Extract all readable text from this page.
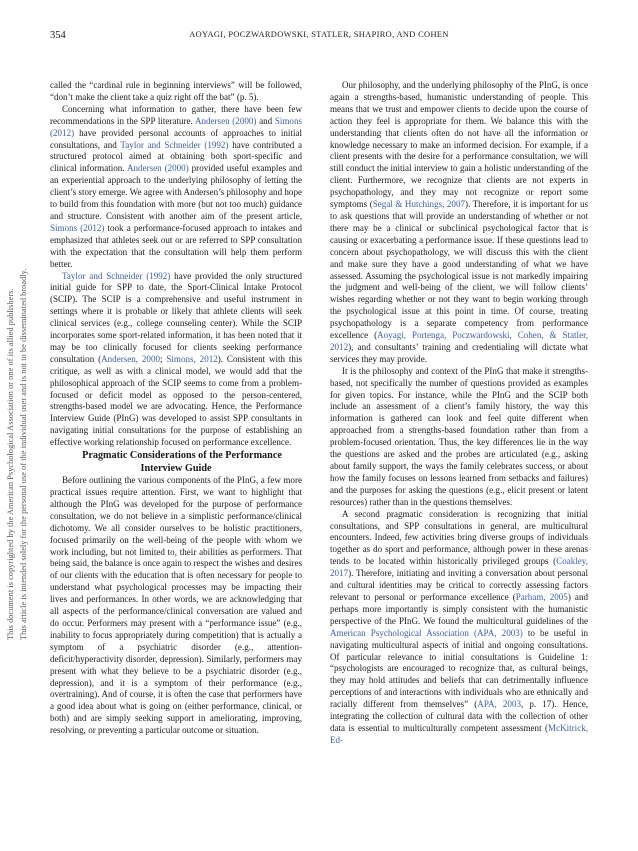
354	AOYAGI, POCZWARDOWSKI, STATLER, SHAPIRO, AND COHEN
This document is copyrighted by the American Psychological Association or one of its allied publishers. This article is intended solely for the personal use of the individual user and is not to be disseminated broadly.

called the “cardinal rule in beginning interviews” will be followed, “don’t make the client take a quiz right off the bat” (p. 5).

Concerning what information to gather, there have been few recommendations in the SPP literature. Andersen (2000) and Simons (2012) have provided personal accounts of approaches to initial consultations, and Taylor and Schneider (1992) have contributed a structured protocol aimed at obtaining both sport-specific and clinical information. Andersen (2000) provided useful examples and an experiential approach to the underlying philosophy of letting the client’s story emerge. We agree with Andersen’s philosophy and hope to build from this foundation with more (but not too much) guidance and structure. Consistent with another aim of the present article, Simons (2012) took a performance-focused approach to intakes and emphasized that athletes seek out or are referred to SPP consultation with the expectation that the consultation will help them perform better.

Taylor and Schneider (1992) have provided the only structured initial guide for SPP to date, the Sport-Clinical Intake Protocol (SCIP). The SCIP is a comprehensive and useful instrument in settings where it is probable or likely that athlete clients will seek clinical services (e.g., college counseling center). While the SCIP incorporates some sport-related information, it has been noted that it may be too clinically focused for clients seeking performance consultation (Andersen, 2000; Simons, 2012). Consistent with this critique, as well as with a clinical model, we would add that the philosophical approach of the SCIP seems to come from a problem-focused or deficit model as opposed to the person-centered, strengths-based model we are advocating. Hence, the Performance Interview Guide (PInG) was developed to assist SPP consultants in navigating initial consultations for the purpose of establishing an effective working relationship focused on performance excellence.

Pragmatic Considerations of the Performance Interview Guide

Before outlining the various components of the PInG, a few more practical issues require attention. First, we want to highlight that although the PInG was developed for the purpose of performance consultation, we do not believe in a simplistic performance/clinical dichotomy. We all consider ourselves to be holistic practitioners, focused primarily on the well-being of the people with whom we work including, but not limited to, their abilities as performers. That being said, the balance is once again to respect the wishes and desires of our clients with the education that is often necessary for people to understand what psychological processes may be impacting their lives and performances. In other words, we are acknowledging that all aspects of the performance/clinical conversation are valued and do occur. Performers may present with a “performance issue” (e.g., inability to focus appropriately during competition) that is actually a symptom of a psychiatric disorder (e.g., attention-deficit/hyperactivity disorder, depression). Similarly, performers may present with what they believe to be a psychiatric disorder (e.g., depression), and it is a symptom of their performance (e.g., overtraining). And of course, it is often the case that performers have a good idea about what is going on (either performance, clinical, or both) and are simply seeking support in ameliorating, improving, resolving, or preventing a particular outcome or situation.

Our philosophy, and the underlying philosophy of the PInG, is once again a strengths-based, humanistic understanding of people. This means that we trust and empower clients to decide upon the course of action they feel is appropriate for them. We balance this with the understanding that clients often do not have all the information or knowledge necessary to make an informed decision. For example, if a client presents with the desire for a performance consultation, we will still conduct the initial interview to gain a holistic understanding of the client. Furthermore, we recognize that clients are not experts in psychopathology, and they may not recognize or report some symptoms (Segal & Hutchings, 2007). Therefore, it is important for us to ask questions that will provide an understanding of whether or not there may be a clinical or subclinical psychological factor that is causing or exacerbating a performance issue. If these questions lead to concern about psychopathology, we will discuss this with the client and make sure they have a good understanding of what we have assessed. Assuming the psychological issue is not markedly impairing the judgment and well-being of the client, we will follow clients’ wishes regarding whether or not they want to begin working through the psychological issue at this point in time. Of course, treating psychopathology is a separate competency from performance excellence (Aoyagi, Portenga, Poczwardowski, Cohen, & Statler, 2012), and consultants’ training and credentialing will dictate what services they may provide.

It is the philosophy and context of the PInG that make it strengths-based, not specifically the number of questions provided as examples for given topics. For instance, while the PInG and the SCIP both include an assessment of a client’s family history, the way this information is gathered can look and feel quite different when approached from a strengths-based foundation rather than from a problem-focused orientation. Thus, the key differences lie in the way the questions are asked and the probes are articulated (e.g., asking about family support, the ways the family celebrates success, or about how the family focuses on lessons learned from setbacks and failures) and the purposes for asking the questions (e.g., elicit present or latent resources) rather than in the questions themselves.

A second pragmatic consideration is recognizing that initial consultations, and SPP consultations in general, are multicultural encounters. Indeed, few activities bring diverse groups of individuals together as do sport and performance, although power in these arenas tends to be located within historically privileged groups (Coakley, 2017). Therefore, initiating and inviting a conversation about personal and cultural identities may be critical to correctly assessing factors relevant to personal or performance excellence (Parham, 2005) and perhaps more importantly is simply consistent with the humanistic perspective of the PInG. We found the multicultural guidelines of the American Psychological Association (APA, 2003) to be useful in navigating multicultural aspects of initial and ongoing consultations. Of particular relevance to initial consultations is Guideline 1: “psychologists are encouraged to recognize that, as cultural beings, they may hold attitudes and beliefs that can detrimentally influence perceptions of and interactions with individuals who are ethnically and racially different from themselves” (APA, 2003, p. 17). Hence, integrating the collection of cultural data with the collection of other data is essential to multiculturally competent assessment (McKitrick, Ed-
